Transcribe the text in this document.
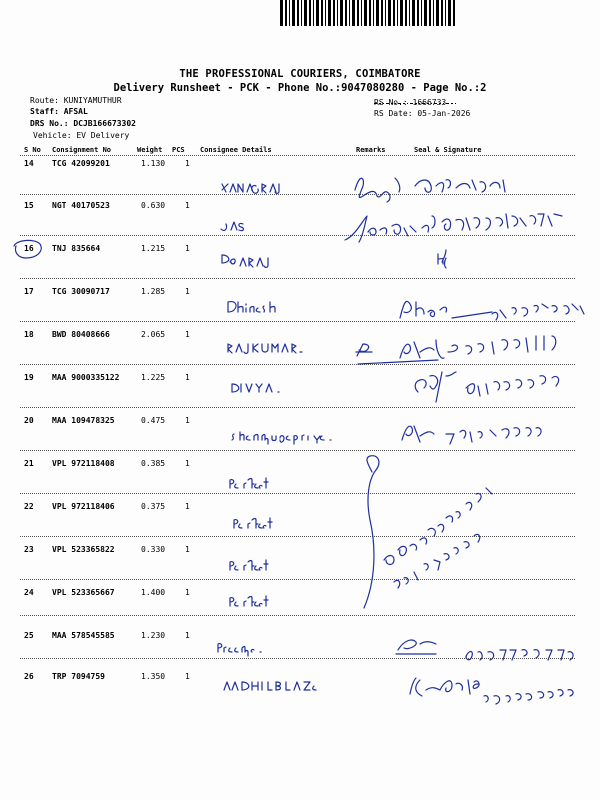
THE PROFESSIONAL COURIERS, COIMBATORE
Delivery Runsheet - PCK - Phone No.:9047080280 - Page No.:2
Route: KUNIYAMUTHUR
Staff: AFSAL
DRS No.: DCJB166673302
Vehicle: EV Delivery
RS No.: 1666733
RS Date: 05-Jan-2026
S No Consignment No	Weight PCS Consignee Details	Remarks	Seal & Signature
14 TCG 42099201	1.130 1
15 NGT 40170523	0.630 1
16 TNJ 835664	1.215 1
17 TCG 30090717	1.285 1
18 BWD 80408666	2.065 1
19 MAA 9000335122	1.225 1
20 MAA 109478325	0.475 1
21 VPL 972118408	0.385 1
22 VPL 972118406	0.375 1
23 VPL 523365822	0.330 1
24 VPL 523365667	1.400 1
25 MAA 578545585	1.230 1
26 TRP 7094759	1.350 1
